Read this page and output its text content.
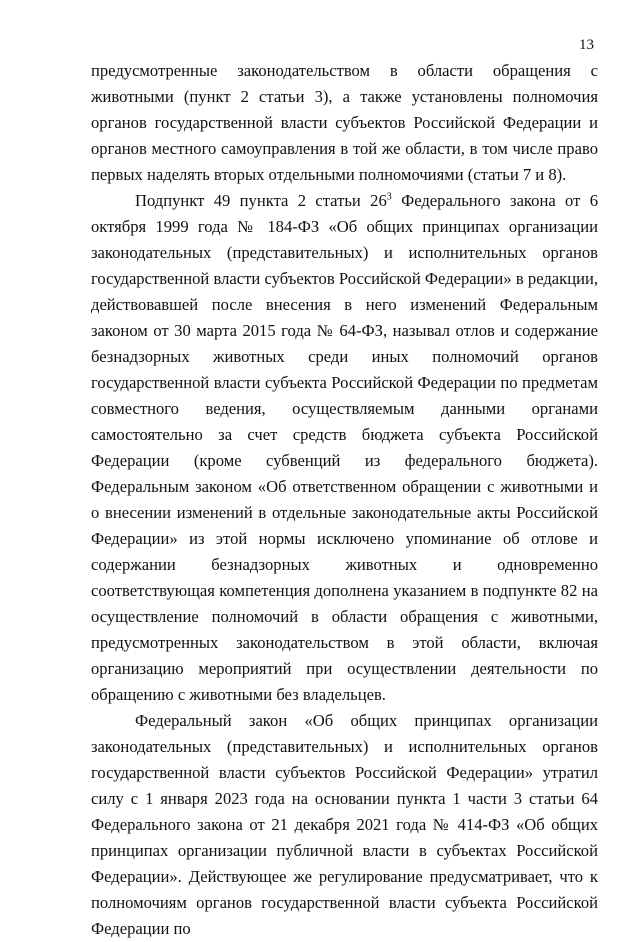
13

предусмотренные законодательством в области обращения с животными (пункт 2 статьи 3), а также установлены полномочия органов государственной власти субъектов Российской Федерации и органов местного самоуправления в той же области, в том числе право первых наделять вторых отдельными полномочиями (статьи 7 и 8).

Подпункт 49 пункта 2 статьи $26^3$ Федерального закона от 6 октября 1999 года № 184-ФЗ «Об общих принципах организации законодательных (представительных) и исполнительных органов государственной власти субъектов Российской Федерации» в редакции, действовавшей после внесения в него изменений Федеральным законом от 30 марта 2015 года № 64-ФЗ, называл отлов и содержание безнадзорных животных среди иных полномочий органов государственной власти субъекта Российской Федерации по предметам совместного ведения, осуществляемым данными органами самостоятельно за счет средств бюджета субъекта Российской Федерации (кроме субвенций из федерального бюджета). Федеральным законом «Об ответственном обращении с животными и о внесении изменений в отдельные законодательные акты Российской Федерации» из этой нормы исключено упоминание об отлове и содержании безнадзорных животных и одновременно соответствующая компетенция дополнена указанием в подпункте 82 на осуществление полномочий в области обращения с животными, предусмотренных законодательством в этой области, включая организацию мероприятий при осуществлении деятельности по обращению с животными без владельцев.

Федеральный закон «Об общих принципах организации законодательных (представительных) и исполнительных органов государственной власти субъектов Российской Федерации» утратил силу с 1 января 2023 года на основании пункта 1 части 3 статьи 64 Федерального закона от 21 декабря 2021 года № 414-ФЗ «Об общих принципах организации публичной власти в субъектах Российской Федерации». Действующее же регулирование предусматривает, что к полномочиям органов государственной власти субъекта Российской Федерации по
